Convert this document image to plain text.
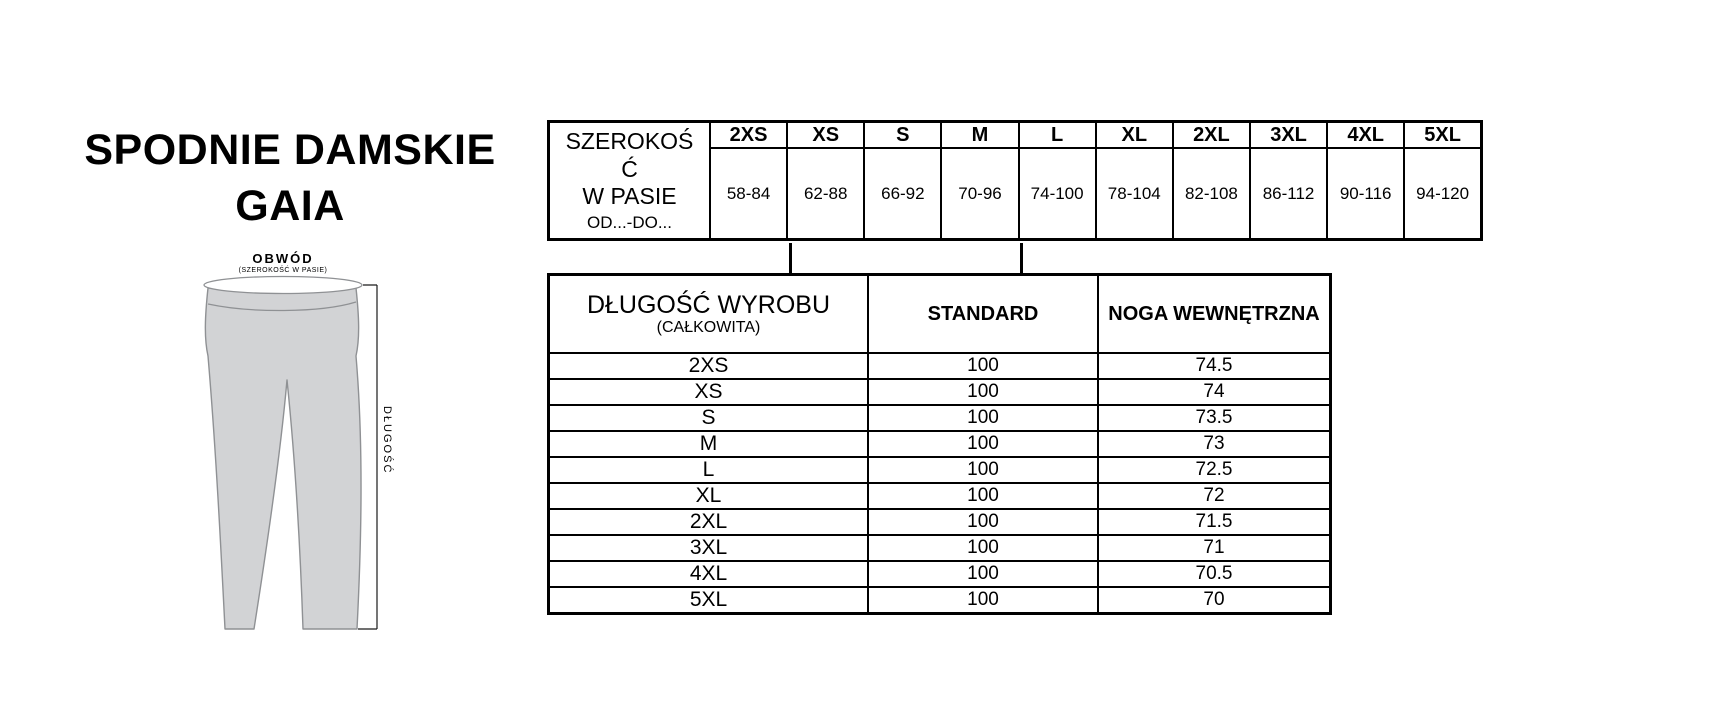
SPODNIE DAMSKIE
GAIA
OBWÓD
(SZEROKOŚĆ W PASIE)
DŁUGOŚĆ
SZEROKOŚĆ
W PASIE
OD...-DO...	2XS	XS	S	M	L	XL	2XL	3XL	4XL	5XL
	58-84	62-88	66-92	70-96	74-100	78-104	82-108	86-112	90-116	94-120
DŁUGOŚĆ WYROBU
(CAŁKOWITA)	STANDARD	NOGA WEWNĘTRZNA
2XS	100	74.5
XS	100	74
S	100	73.5
M	100	73
L	100	72.5
XL	100	72
2XL	100	71.5
3XL	100	71
4XL	100	70.5
5XL	100	70
